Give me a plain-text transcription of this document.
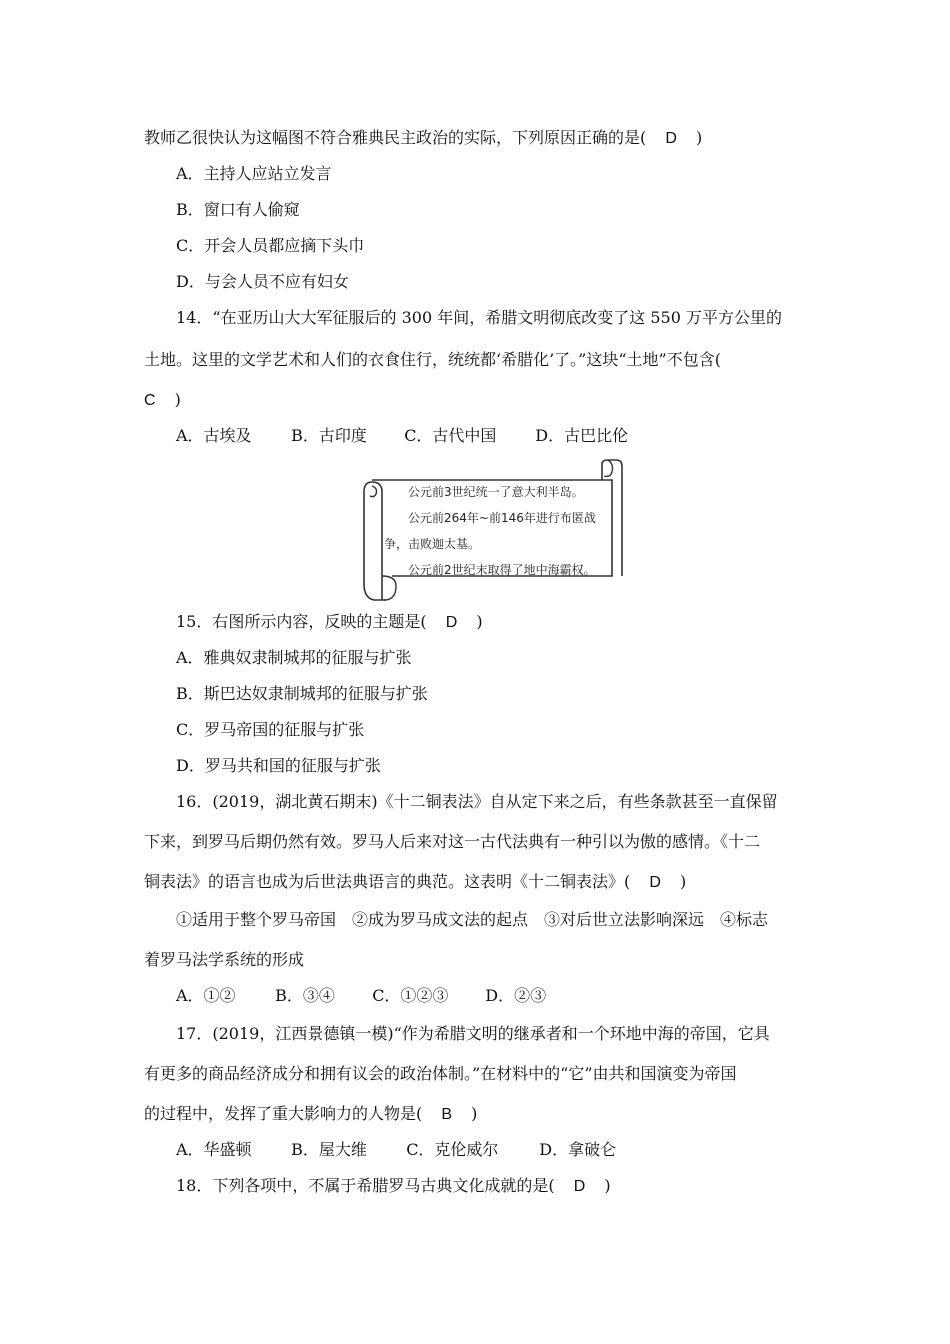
教师乙很快认为这幅图不符合雅典民主政治的实际，下列原因正确的是( D )
A．主持人应站立发言
B．窗口有人偷窥
C．开会人员都应摘下头巾
D．与会人员不应有妇女
14．“在亚历山大大军征服后的 300 年间，希腊文明彻底改变了这 550 万平方公里的
土地。这里的文学艺术和人们的衣食住行，统统都‘希腊化’了。”这块“土地”不包含(
C )
A．古埃及 B．古印度 C．古代中国 D．古巴比伦
公元前3世纪统一了意大利半岛。
公元前264年~前146年进行布匿战
争，击败迦太基。
公元前2世纪末取得了地中海霸权。
15．右图所示内容，反映的主题是( D )
A．雅典奴隶制城邦的征服与扩张
B．斯巴达奴隶制城邦的征服与扩张
C．罗马帝国的征服与扩张
D．罗马共和国的征服与扩张
16．(2019，湖北黄石期末)《十二铜表法》自从定下来之后，有些条款甚至一直保留
下来，到罗马后期仍然有效。罗马人后来对这一古代法典有一种引以为傲的感情。《十二
铜表法》的语言也成为后世法典语言的典范。这表明《十二铜表法》( D )
①适用于整个罗马帝国　②成为罗马成文法的起点　③对后世立法影响深远　④标志
着罗马法学系统的形成
A．①② B．③④ C．①②③ D．②③
17．(2019，江西景德镇一模)“作为希腊文明的继承者和一个环地中海的帝国，它具
有更多的商品经济成分和拥有议会的政治体制。”在材料中的“它”由共和国演变为帝国
的过程中，发挥了重大影响力的人物是( B )
A．华盛顿 B．屋大维 C．克伦威尔	D．拿破仑
18．下列各项中，不属于希腊罗马古典文化成就的是( D )
